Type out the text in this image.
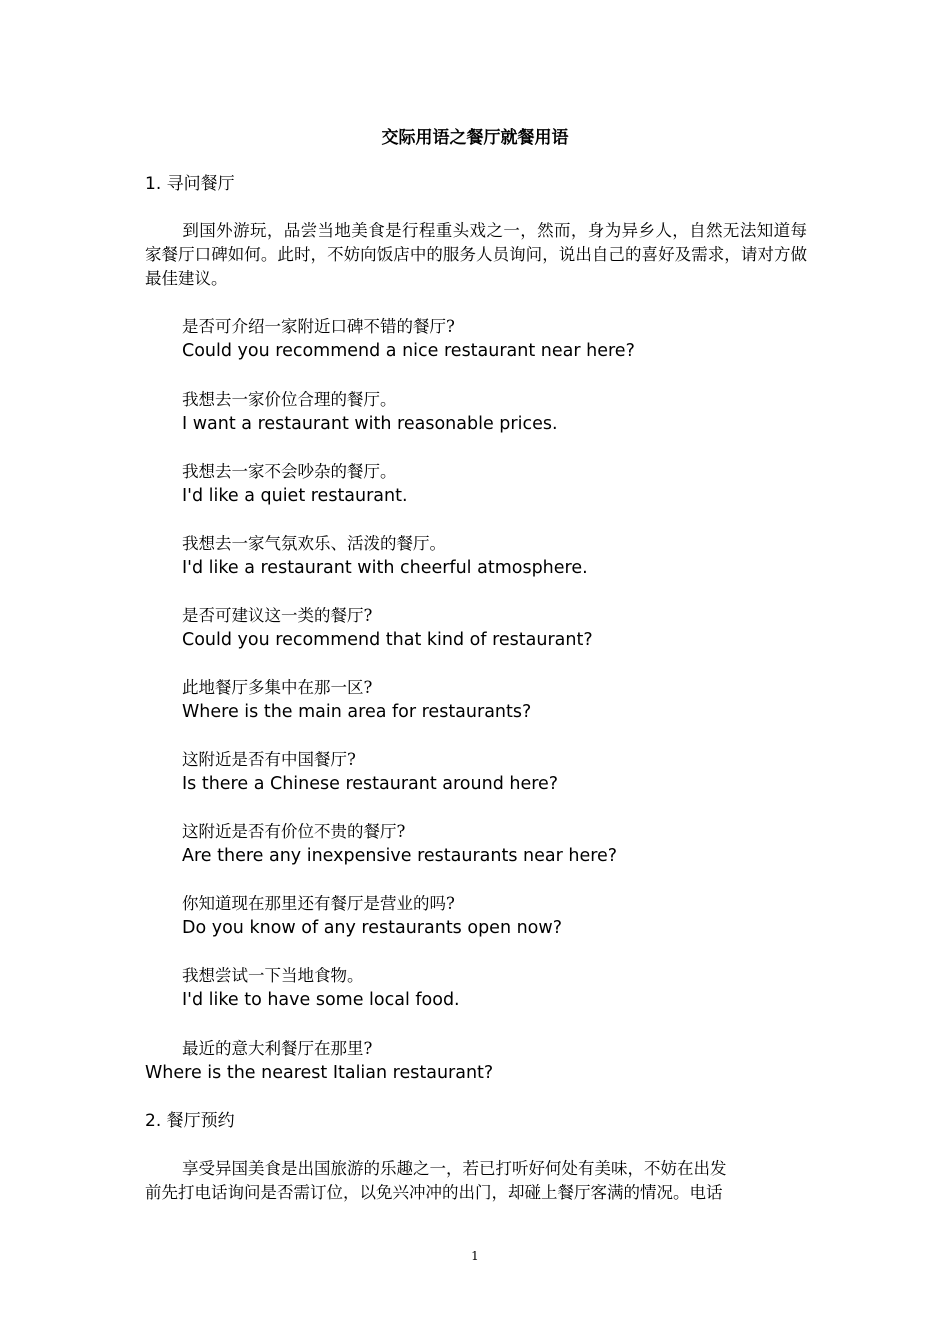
交际用语之餐厅就餐用语
1. 寻问餐厅
到国外游玩，品尝当地美食是行程重头戏之一，然而，身为异乡人，自然无法知道每家餐厅口碑如何。此时，不妨向饭店中的服务人员询问，说出自己的喜好及需求，请对方做最佳建议。
是否可介绍一家附近口碑不错的餐厅?
Could you recommend a nice restaurant near here?
我想去一家价位合理的餐厅。
I want a restaurant with reasonable prices.
我想去一家不会吵杂的餐厅。
I'd like a quiet restaurant.
我想去一家气氛欢乐、活泼的餐厅。
I'd like a restaurant with cheerful atmosphere.
是否可建议这一类的餐厅?
Could you recommend that kind of restaurant?
此地餐厅多集中在那一区?
Where is the main area for restaurants?
这附近是否有中国餐厅?
Is there a Chinese restaurant around here?
这附近是否有价位不贵的餐厅?
Are there any inexpensive restaurants near here?
你知道现在那里还有餐厅是营业的吗?
Do you know of any restaurants open now?
我想尝试一下当地食物。
I'd like to have some local food.
最近的意大利餐厅在那里?
Where is the nearest Italian restaurant?
2. 餐厅预约
享受异国美食是出国旅游的乐趣之一，若已打听好何处有美味，不妨在出发
前先打电话询问是否需订位，以免兴冲冲的出门，却碰上餐厅客满的情况。电话
1
